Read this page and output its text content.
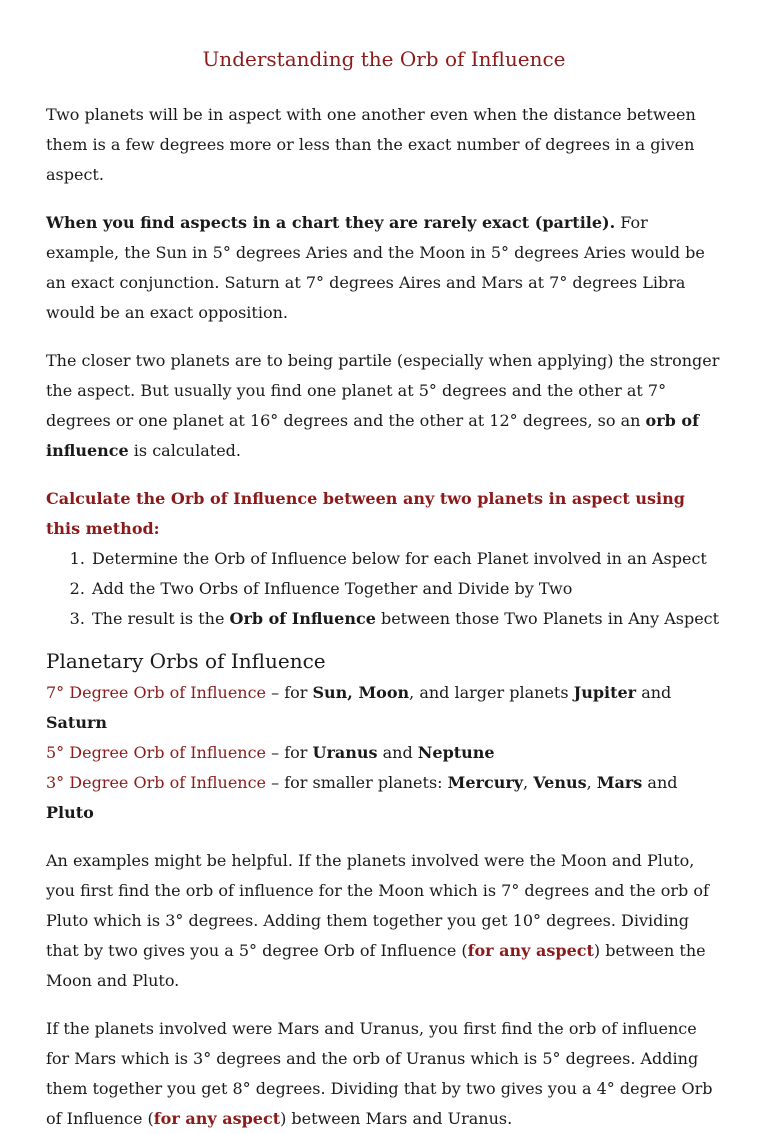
Understanding the Orb of Influence

Two planets will be in aspect with one another even when the distance between them is a few degrees more or less than the exact number of degrees in a given aspect.

When you find aspects in a chart they are rarely exact (partile). For example, the Sun in 5° degrees Aries and the Moon in 5° degrees Aries would be an exact conjunction. Saturn at 7° degrees Aires and Mars at 7° degrees Libra would be an exact opposition.

The closer two planets are to being partile (especially when applying) the stronger the aspect. But usually you find one planet at 5° degrees and the other at 7° degrees or one planet at 16° degrees and the other at 12° degrees, so an orb of influence is calculated.

Calculate the Orb of Influence between any two planets in aspect using this method:

1. Determine the Orb of Influence below for each Planet involved in an Aspect
2. Add the Two Orbs of Influence Together and Divide by Two
3. The result is the Orb of Influence between those Two Planets in Any Aspect
Planetary Orbs of Influence
7° Degree Orb of Influence – for Sun, Moon, and larger planets Jupiter and Saturn
5° Degree Orb of Influence – for Uranus and Neptune
3° Degree Orb of Influence – for smaller planets: Mercury, Venus, Mars and Pluto

An examples might be helpful. If the planets involved were the Moon and Pluto, you first find the orb of influence for the Moon which is 7° degrees and the orb of Pluto which is 3° degrees. Adding them together you get 10° degrees. Dividing that by two gives you a 5° degree Orb of Influence (for any aspect) between the Moon and Pluto.

If the planets involved were Mars and Uranus, you first find the orb of influence for Mars which is 3° degrees and the orb of Uranus which is 5° degrees. Adding them together you get 8° degrees. Dividing that by two gives you a 4° degree Orb of Influence (for any aspect) between Mars and Uranus.
